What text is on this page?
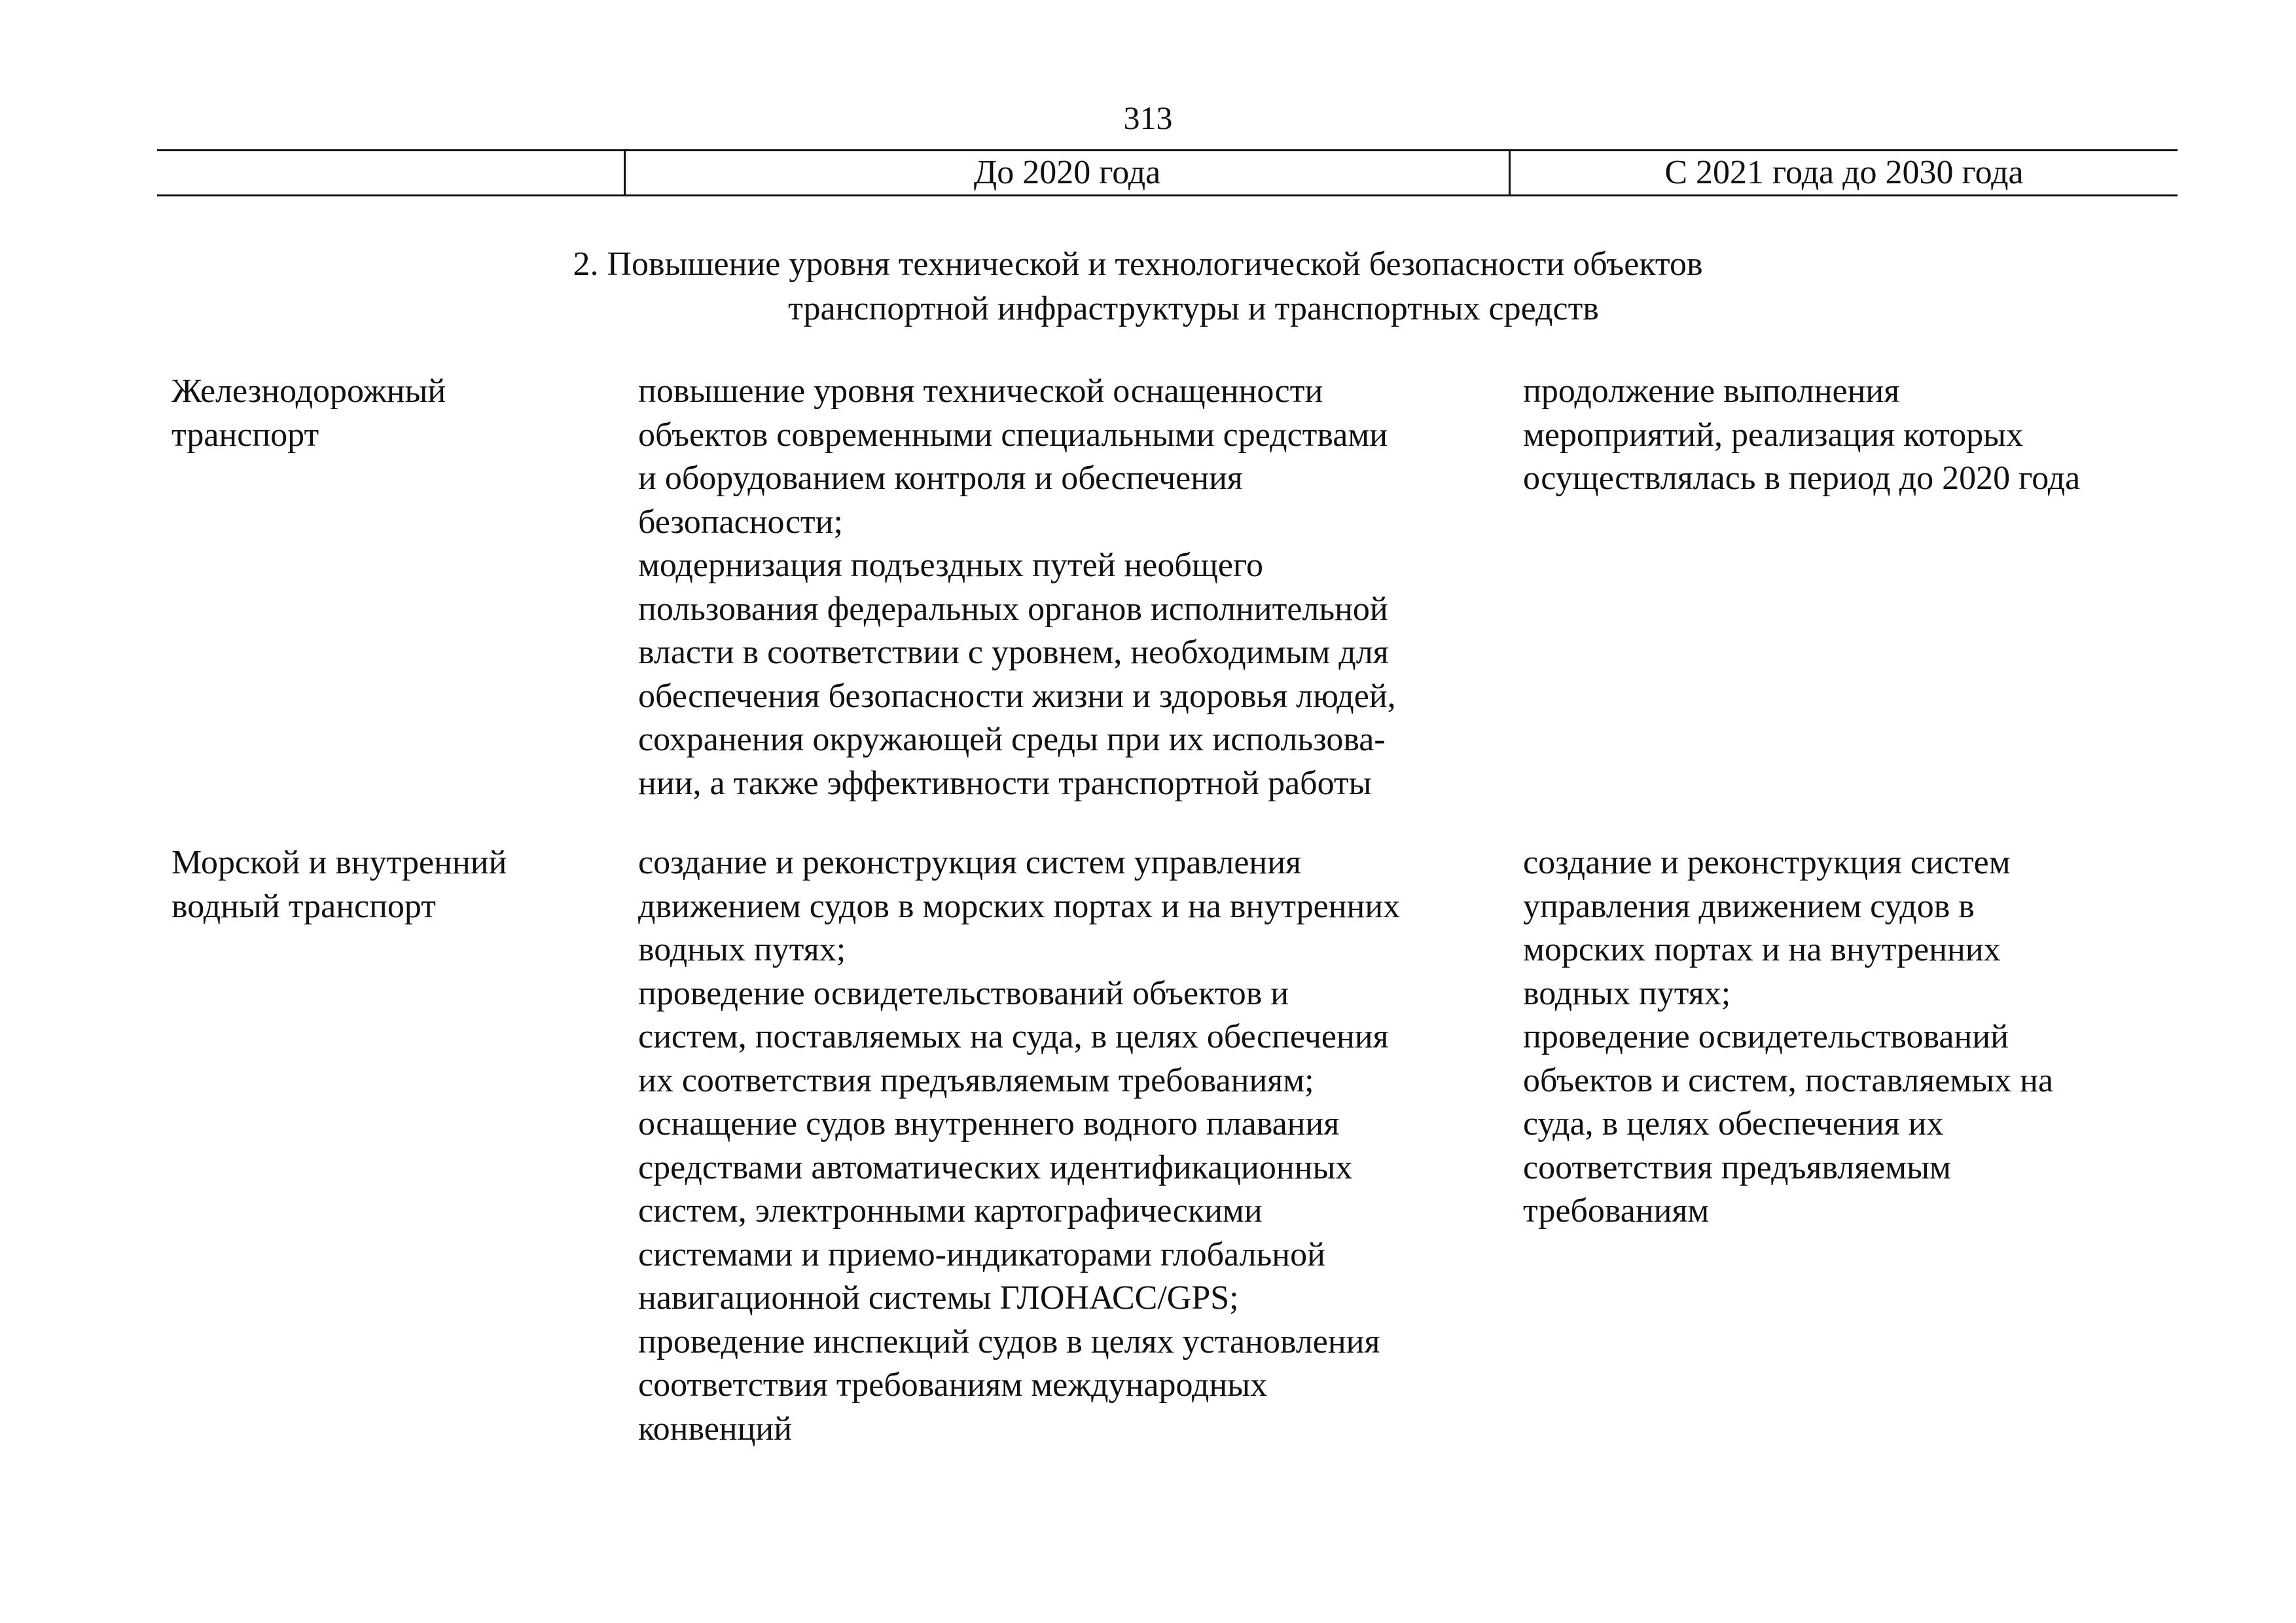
313
До 2020 года	С 2021 года до 2030 года
2. Повышение уровня технической и технологической безопасности объектов
транспортной инфраструктуры и транспортных средств
Железнодорожный
транспорт
повышение уровня технической оснащенности
объектов современными специальными средствами
и оборудованием контроля и обеспечения
безопасности;
модернизация подъездных путей необщего
пользования федеральных органов исполнительной
власти в соответствии с уровнем, необходимым для
обеспечения безопасности жизни и здоровья людей,
сохранения окружающей среды при их использова-
нии, а также эффективности транспортной работы
продолжение выполнения
мероприятий, реализация которых
осуществлялась в период до 2020 года
Морской и внутренний
водный транспорт
создание и реконструкция систем управления
движением судов в морских портах и на внутренних
водных путях;
проведение освидетельствований объектов и
систем, поставляемых на суда, в целях обеспечения
их соответствия предъявляемым требованиям;
оснащение судов внутреннего водного плавания
средствами автоматических идентификационных
систем, электронными картографическими
системами и приемо-индикаторами глобальной
навигационной системы ГЛОНАСС/GPS;
проведение инспекций судов в целях установления
соответствия требованиям международных
конвенций
создание и реконструкция систем
управления движением судов в
морских портах и на внутренних
водных путях;
проведение освидетельствований
объектов и систем, поставляемых на
суда, в целях обеспечения их
соответствия предъявляемым
требованиям
